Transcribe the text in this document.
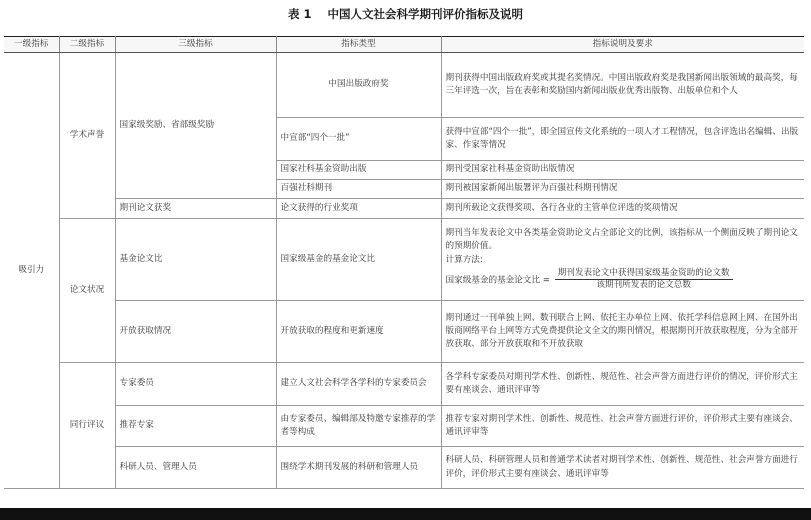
表 1 中国人文社会科学期刊评价指标及说明
一级指标	二级指标	三级指标	指标类型	指标说明及要求
吸引力	学术声誉	国家级奖励、省部级奖励	中国出版政府奖	期刊获得中国出版政府奖或其提名奖情况。中国出版政府奖是我国新闻出版领域的最高奖，每三年评选一次，旨在表彰和奖励国内新闻出版业优秀出版物、出版单位和个人
			中宣部“四个一批”	获得中宣部“四个一批”，即全国宣传文化系统的一项人才工程情况，包含评选出名编辑、出版家、作家等情况
			国家社科基金资助出版	期刊受国家社科基金资助出版情况
			百强社科期刊	期刊被国家新闻出版署评为百强社科期刊情况
		期刊论文获奖	论文获得的行业奖项	期刊所载论文获得奖项、各行各业的主管单位评选的奖项情况
	论文状况	基金论文比	国家级基金的基金论文比	期刊当年发表论文中各类基金资助论文占全部论文的比例，该指标从一个侧面反映了期刊论文的预期价值。
计算方法:
国家级基金的基金论文比 = $\frac{\text{期刊发表论文中获得国家级基金资助的论文数}}{\text{该期刊所发表的论文总数}}$

		开放获取情况	开放获取的程度和更新速度	期刊通过一刊单独上网、数刊联合上网、依托主办单位上网、依托学科信息网上网、在国外出版商网络平台上网等方式免费提供论文全文的期刊情况，根据期刊开放获取程度，分为全部开放获取、部分开放获取和不开放获取
	同行评议	专家委员	建立人文社会科学各学科的专家委员会	各学科专家委员对期刊学术性、创新性、规范性、社会声誉方面进行评价的情况，评价形式主要有座谈会、通讯评审等
		推荐专家	由专家委员、编辑部及特邀专家推荐的学者等构成	推荐专家对期刊学术性、创新性、规范性、社会声誉方面进行评价，评价形式主要有座谈会、通讯评审等
		科研人员、管理人员	围绕学术期刊发展的科研和管理人员	科研人员、科研管理人员和普通学术读者对期刊学术性、创新性、规范性、社会声誉方面进行评价，评价形式主要有座谈会、通讯评审等
